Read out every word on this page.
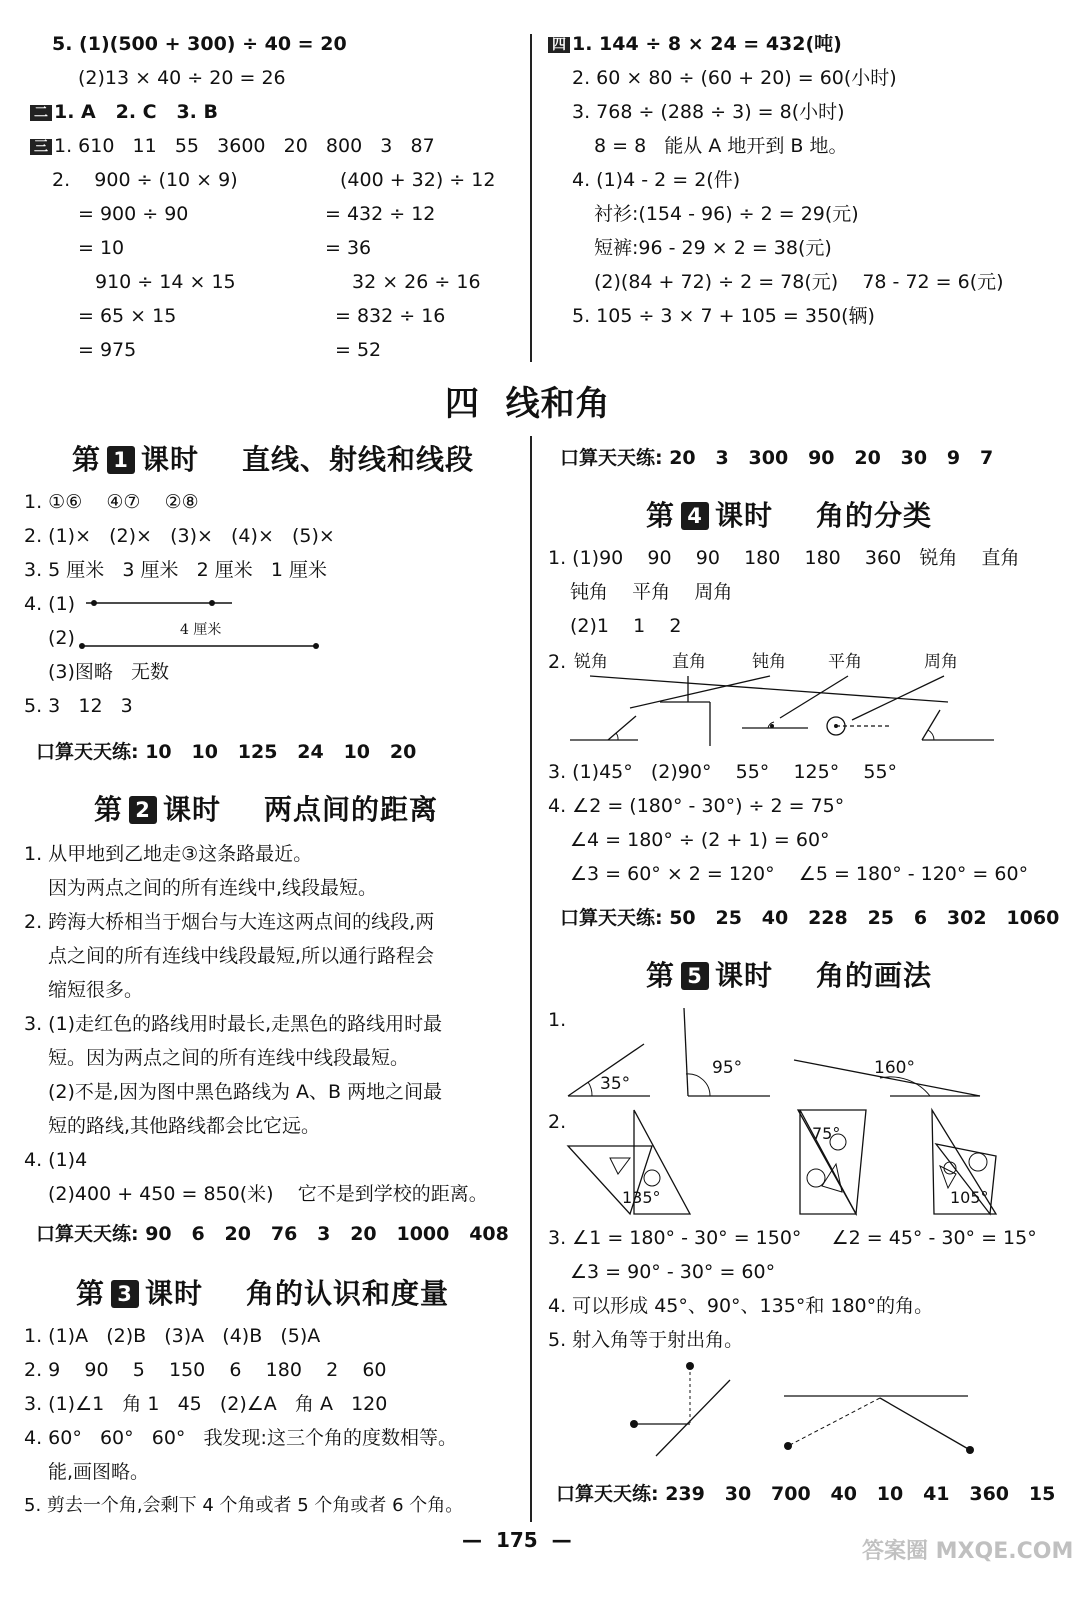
5. (1)(500 + 300) ÷ 40 = 20
(2)13 × 40 ÷ 20 = 26
二 1. A   2. C   3. B
三 1. 610   11   55   3600   20   800   3   87
2.    900 ÷ (10 × 9)
= 900 ÷ 90
= 10
910 ÷ 14 × 15
= 65 × 15
= 975
(400 + 32) ÷ 12
= 432 ÷ 12
= 36
32 × 26 ÷ 16
= 832 ÷ 16
= 52
四 1. 144 ÷ 8 × 24 = 432(吨)
2. 60 × 80 ÷ (60 + 20) = 60(小时)
3. 768 ÷ (288 ÷ 3) = 8(小时)
8 = 8   能从 A 地开到 B 地。
4. (1)4 - 2 = 2(件)
衬衫:(154 - 96) ÷ 2 = 29(元)
短裤:96 - 29 × 2 = 38(元)
(2)(84 + 72) ÷ 2 = 78(元)    78 - 72 = 6(元)
5. 105 ÷ 3 × 7 + 105 = 350(辆)
四  线和角
第 1 课时    直线、射线和线段
1. ①⑥    ④⑦    ②⑧
2. (1)×   (2)×   (3)×   (4)×   (5)×
3. 5 厘米   3 厘米   2 厘米   1 厘米
4. (1)
(2)	4 厘米
(3)图略   无数
5. 3   12   3
口算天天练: 10   10   125   24   10   20
第 2 课时    两点间的距离
1. 从甲地到乙地走③这条路最近。
因为两点之间的所有连线中,线段最短。
2. 跨海大桥相当于烟台与大连这两点间的线段,两
点之间的所有连线中线段最短,所以通行路程会
缩短很多。
3. (1)走红色的路线用时最长,走黑色的路线用时最
短。因为两点之间的所有连线中线段最短。
(2)不是,因为图中黑色路线为 A、B 两地之间最
短的路线,其他路线都会比它远。
4. (1)4
(2)400 + 450 = 850(米)    它不是到学校的距离。
口算天天练: 90   6   20   76   3   20   1000   408
第 3 课时    角的认识和度量
1. (1)A   (2)B   (3)A   (4)B   (5)A
2. 9    90    5    150    6    180    2    60
3. (1)∠1   角 1   45   (2)∠A   角 A   120
4. 60°   60°   60°   我发现:这三个角的度数相等。
能,画图略。
5. 剪去一个角,会剩下 4 个角或者 5 个角或者 6 个角。
口算天天练: 20   3   300   90   20   30   9   7
第 4 课时    角的分类
1. (1)90    90    90    180    180    360   锐角    直角
钝角    平角    周角
(2)1    1    2
2. 锐角	直角	钝角 平角	周角
3. (1)45°   (2)90°    55°    125°    55°
4. ∠2 = (180° - 30°) ÷ 2 = 75°
∠4 = 180° ÷ (2 + 1) = 60°
∠3 = 60° × 2 = 120°    ∠5 = 180° - 120° = 60°
口算天天练: 50   25   40   228   25   6   302   1060
第 5 课时    角的画法
1.
35°
95°	160°
2.
135°
75°
105°
3. ∠1 = 180° - 30° = 150°     ∠2 = 45° - 30° = 15°
∠3 = 90° - 30° = 60°
4. 可以形成 45°、90°、135°和 180°的角。
5. 射入角等于射出角。
口算天天练: 239   30   700   40   10   41   360   15
—  175  —	答案圈 MXQE.COM
